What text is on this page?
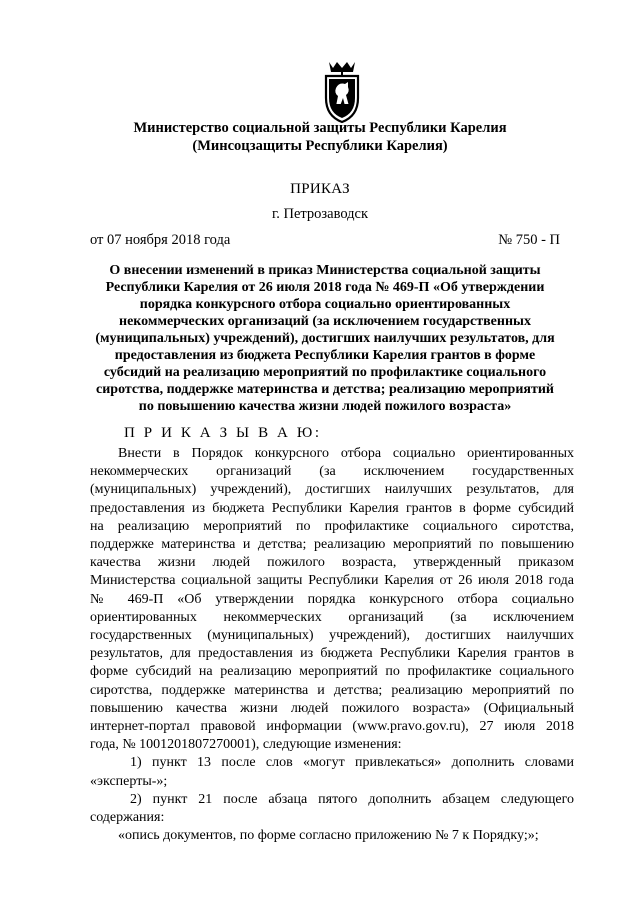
Министерство социальной защиты Республики Карелия
(Минсоцзащиты Республики Карелия)
ПРИКАЗ
г. Петрозаводск
от 07 ноября 2018 года	№ 750 - П
О внесении изменений в приказ Министерства социальной защиты
Республики Карелия от 26 июля 2018 года № 469-П «Об утверждении
порядка конкурсного отбора социально ориентированных
некоммерческих организаций (за исключением государственных
(муниципальных) учреждений), достигших наилучших результатов, для
предоставления из бюджета Республики Карелия грантов в форме
субсидий на реализацию мероприятий по профилактике социального
сиротства, поддержке материнства и детства; реализацию мероприятий
по повышению качества жизни людей пожилого возраста»
П Р И К А З Ы В А Ю:
Внести в Порядок конкурсного отбора социально ориентированных
некоммерческих организаций (за исключением государственных
(муниципальных) учреждений), достигших наилучших результатов, для
предоставления из бюджета Республики Карелия грантов в форме субсидий
на реализацию мероприятий по профилактике социального сиротства,
поддержке материнства и детства; реализацию мероприятий по повышению
качества жизни людей пожилого возраста, утвержденный приказом
Министерства социальной защиты Республики Карелия от 26 июля 2018 года
№ 469-П «Об утверждении порядка конкурсного отбора социально
ориентированных некоммерческих организаций (за исключением
государственных (муниципальных) учреждений), достигших наилучших
результатов, для предоставления из бюджета Республики Карелия грантов в
форме субсидий на реализацию мероприятий по профилактике социального
сиротства, поддержке материнства и детства; реализацию мероприятий по
повышению качества жизни людей пожилого возраста» (Официальный
интернет-портал правовой информации (www.pravo.gov.ru), 27 июля 2018
года, № 1001201807270001), следующие изменения:
1) пункт 13 после слов «могут привлекаться» дополнить словами
«эксперты-»;
2) пункт 21 после абзаца пятого дополнить абзацем следующего
содержания:
«опись документов, по форме согласно приложению № 7 к Порядку;»;
